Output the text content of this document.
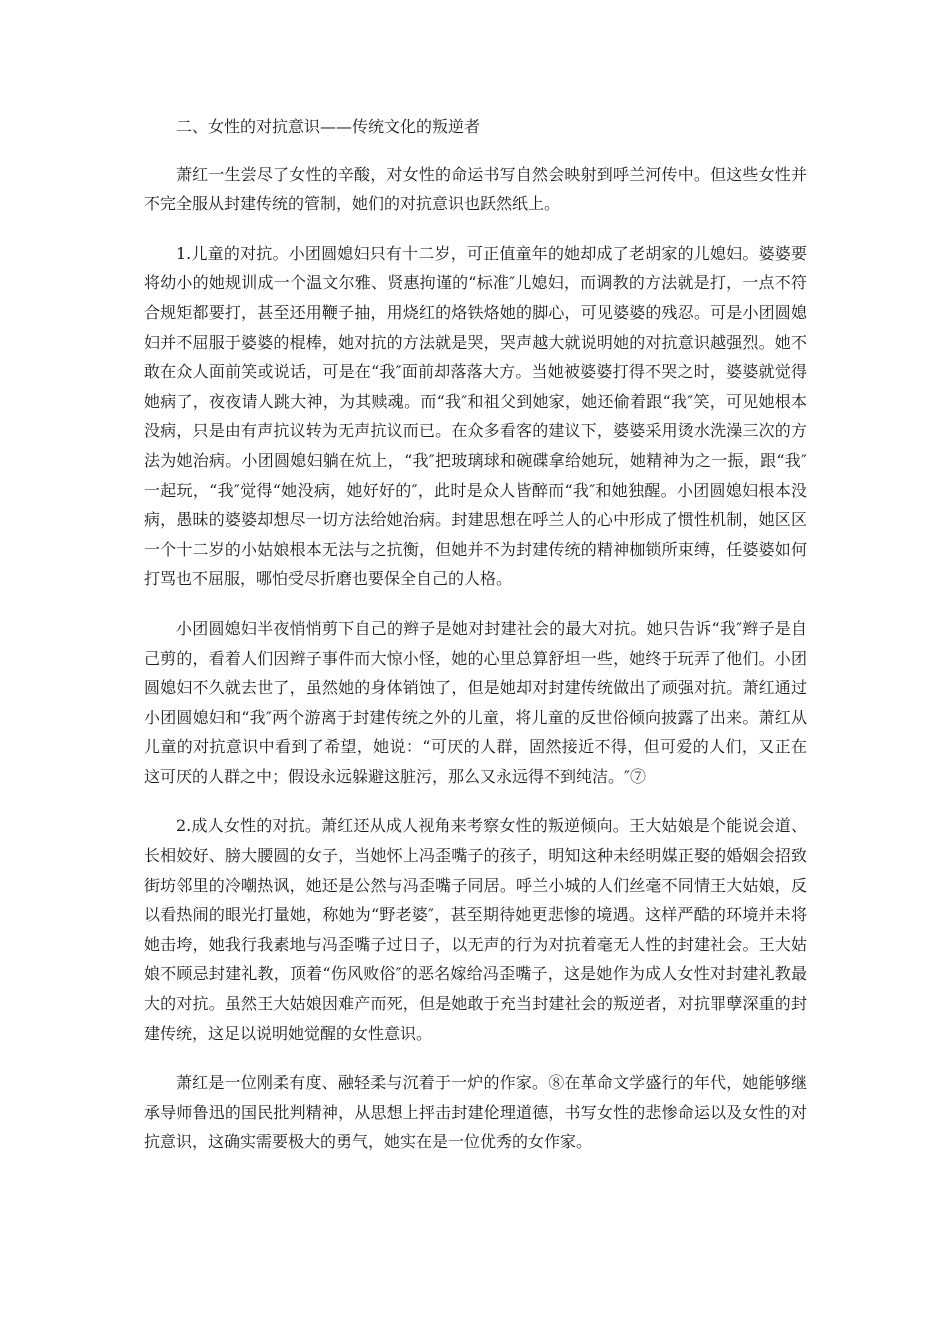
二、女性的对抗意识——传统文化的叛逆者

萧红一生尝尽了女性的辛酸，对女性的命运书写自然会映射到呼兰河传中。但这些女性并不完全服从封建传统的管制，她们的对抗意识也跃然纸上。

1.儿童的对抗。小团圆媳妇只有十二岁，可正值童年的她却成了老胡家的儿媳妇。婆婆要将幼小的她规训成一个温文尔雅、贤惠拘谨的“标准″儿媳妇，而调教的方法就是打，一点不符合规矩都要打，甚至还用鞭子抽，用烧红的烙铁烙她的脚心，可见婆婆的残忍。可是小团圆媳妇并不屈服于婆婆的棍棒，她对抗的方法就是哭，哭声越大就说明她的对抗意识越强烈。她不敢在众人面前笑或说话，可是在“我″面前却落落大方。当她被婆婆打得不哭之时，婆婆就觉得她病了，夜夜请人跳大神，为其赎魂。而“我″和祖父到她家，她还偷着跟“我″笑，可见她根本没病，只是由有声抗议转为无声抗议而已。在众多看客的建议下，婆婆采用烫水洗澡三次的方法为她治病。小团圆媳妇躺在炕上，“我″把玻璃球和碗碟拿给她玩，她精神为之一振，跟“我″一起玩，“我″觉得“她没病，她好好的″，此时是众人皆醉而“我″和她独醒。小团圆媳妇根本没病，愚昧的婆婆却想尽一切方法给她治病。封建思想在呼兰人的心中形成了惯性机制，她区区一个十二岁的小姑娘根本无法与之抗衡，但她并不为封建传统的精神枷锁所束缚，任婆婆如何打骂也不屈服，哪怕受尽折磨也要保全自己的人格。

小团圆媳妇半夜悄悄剪下自己的辫子是她对封建社会的最大对抗。她只告诉“我″辫子是自己剪的，看着人们因辫子事件而大惊小怪，她的心里总算舒坦一些，她终于玩弄了他们。小团圆媳妇不久就去世了，虽然她的身体销蚀了，但是她却对封建传统做出了顽强对抗。萧红通过小团圆媳妇和“我″两个游离于封建传统之外的儿童，将儿童的反世俗倾向披露了出来。萧红从儿童的对抗意识中看到了希望，她说：“可厌的人群，固然接近不得，但可爱的人们，又正在这可厌的人群之中；假设永远躲避这脏污，那么又永远得不到纯洁。″⑦

2.成人女性的对抗。萧红还从成人视角来考察女性的叛逆倾向。王大姑娘是个能说会道、长相姣好、膀大腰圆的女子，当她怀上冯歪嘴子的孩子，明知这种未经明媒正娶的婚姻会招致街坊邻里的冷嘲热讽，她还是公然与冯歪嘴子同居。呼兰小城的人们丝毫不同情王大姑娘，反以看热闹的眼光打量她，称她为“野老婆″，甚至期待她更悲惨的境遇。这样严酷的环境并未将她击垮，她我行我素地与冯歪嘴子过日子，以无声的行为对抗着毫无人性的封建社会。王大姑娘不顾忌封建礼教，顶着“伤风败俗″的恶名嫁给冯歪嘴子，这是她作为成人女性对封建礼教最大的对抗。虽然王大姑娘因难产而死，但是她敢于充当封建社会的叛逆者，对抗罪孽深重的封建传统，这足以说明她觉醒的女性意识。

萧红是一位刚柔有度、融轻柔与沉着于一炉的作家。⑧在革命文学盛行的年代，她能够继承导师鲁迅的国民批判精神，从思想上抨击封建伦理道德，书写女性的悲惨命运以及女性的对抗意识，这确实需要极大的勇气，她实在是一位优秀的女作家。
